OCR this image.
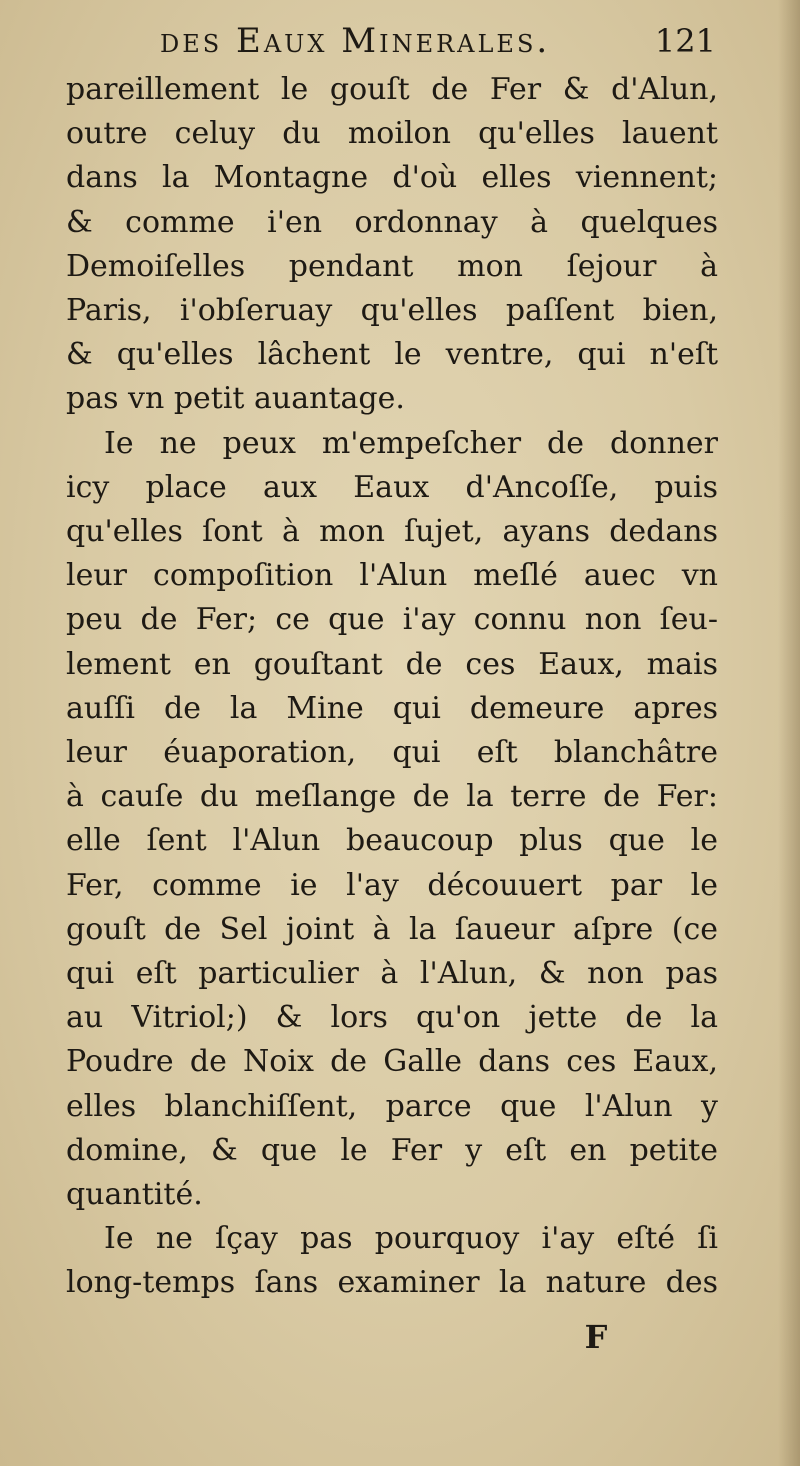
des Eaux Minerales.	121
pareillement le gouſt de Fer & d'Alun,
outre celuy du moilon qu'elles lauent
dans la Montagne d'où elles viennent;
& comme i'en ordonnay à quelques
Demoiſelles pendant mon ſejour à
Paris, i'obſeruay qu'elles paſſent bien,
& qu'elles lâchent le ventre, qui n'eſt
pas vn petit auantage.
Ie ne peux m'empeſcher de donner
icy place aux Eaux d'Ancoſſe, puis
qu'elles ſont à mon ſujet, ayans dedans
leur compoſition l'Alun meſlé auec vn
peu de Fer; ce que i'ay connu non ſeu-
lement en gouſtant de ces Eaux, mais
auſſi de la Mine qui demeure apres
leur éuaporation, qui eſt blanchâtre
à cauſe du meſlange de la terre de Fer:
elle ſent l'Alun beaucoup plus que le
Fer, comme ie l'ay découuert par le
gouſt de Sel joint à la ſaueur aſpre (ce
qui eſt particulier à l'Alun, & non pas
au Vitriol;) & lors qu'on jette de la
Poudre de Noix de Galle dans ces Eaux,
elles blanchiſſent, parce que l'Alun y
domine, & que le Fer y eſt en petite
quantité.
Ie ne ſçay pas pourquoy i'ay eſté ſi
long-temps ſans examiner la nature des
F
